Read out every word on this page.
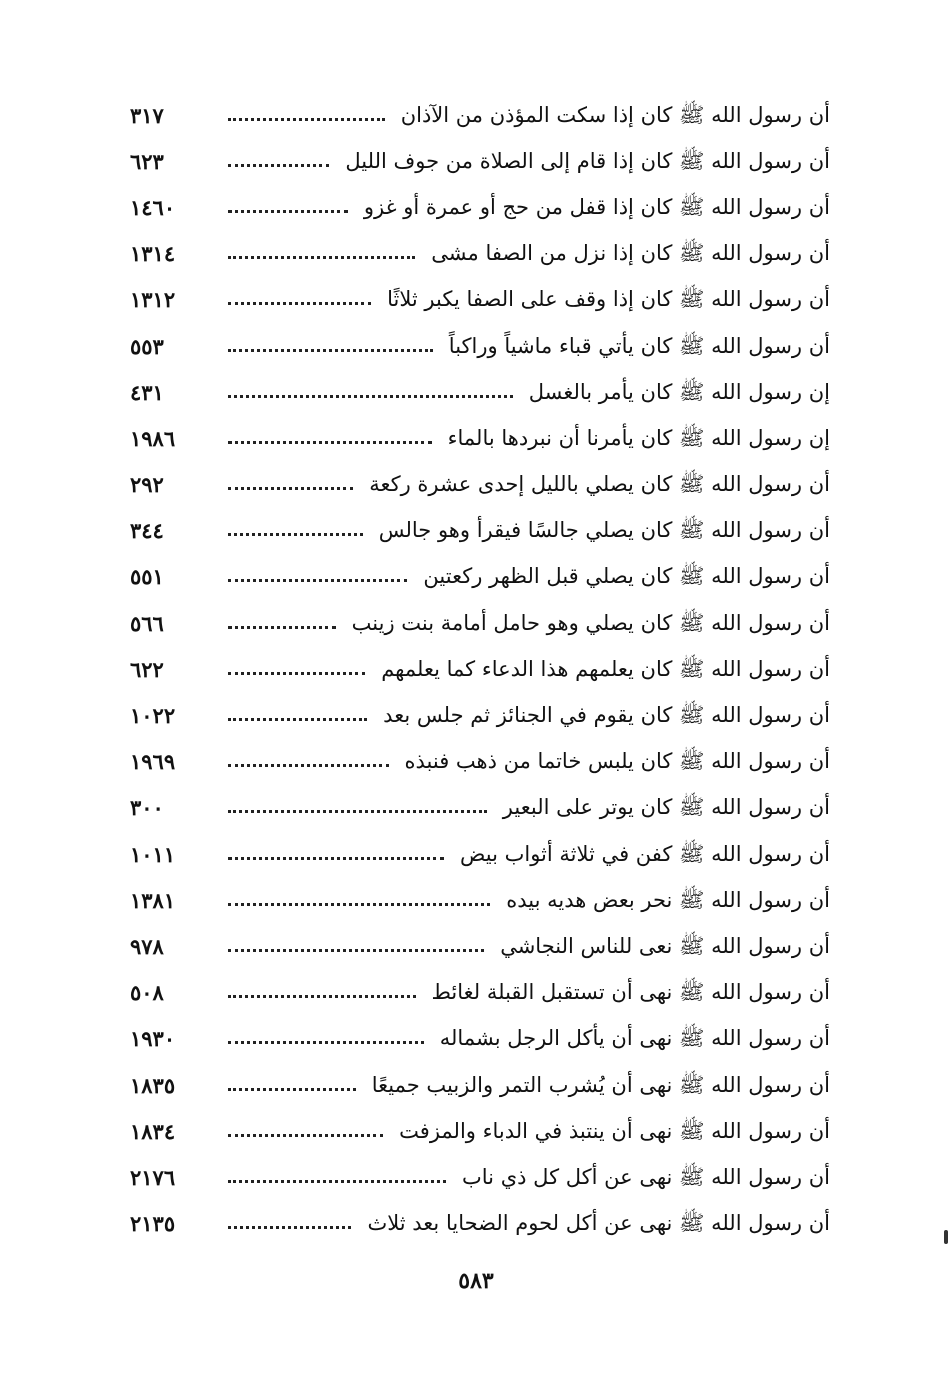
أن رسول الله ﷺ كان إذا سكت المؤذن من الآذان
٣١٧
أن رسول الله ﷺ كان إذا قام إلى الصلاة من جوف الليل
٦٢٣
أن رسول الله ﷺ كان إذا قفل من حج أو عمرة أو غزو
١٤٦٠
أن رسول الله ﷺ كان إذا نزل من الصفا مشى
١٣١٤
أن رسول الله ﷺ كان إذا وقف على الصفا يكبر ثلاثًا
١٣١٢
أن رسول الله ﷺ كان يأتي قباء ماشياً وراكباً
٥٥٣
إن رسول الله ﷺ كان يأمر بالغسل
٤٣١
إن رسول الله ﷺ كان يأمرنا أن نبردها بالماء
١٩٨٦
أن رسول الله ﷺ كان يصلي بالليل إحدى عشرة ركعة
٢٩٢
أن رسول الله ﷺ كان يصلي جالسًا فيقرأ وهو جالس
٣٤٤
أن رسول الله ﷺ كان يصلي قبل الظهر ركعتين
٥٥١
أن رسول الله ﷺ كان يصلي وهو حامل أمامة بنت زينب
٥٦٦
أن رسول الله ﷺ كان يعلمهم هذا الدعاء كما يعلمهم
٦٢٢
أن رسول الله ﷺ كان يقوم في الجنائز ثم جلس بعد
١٠٢٢
أن رسول الله ﷺ كان يلبس خاتما من ذهب فنبذه
١٩٦٩
أن رسول الله ﷺ كان يوتر على البعير
٣٠٠
أن رسول الله ﷺ كفن في ثلاثة أثواب بيض
١٠١١
أن رسول الله ﷺ نحر بعض هديه بيده
١٣٨١
أن رسول الله ﷺ نعى للناس النجاشي
٩٧٨
أن رسول الله ﷺ نهى أن تستقبل القبلة لغائط
٥٠٨
أن رسول الله ﷺ نهى أن يأكل الرجل بشماله
١٩٣٠
أن رسول الله ﷺ نهى أن يُشرب التمر والزبيب جميعًا
١٨٣٥
أن رسول الله ﷺ نهى أن ينتبذ في الدباء والمزفت
١٨٣٤
أن رسول الله ﷺ نهى عن أكل كل ذي ناب
٢١٧٦
أن رسول الله ﷺ نهى عن أكل لحوم الضحايا بعد ثلاث
٢١٣٥
٥٨٣
